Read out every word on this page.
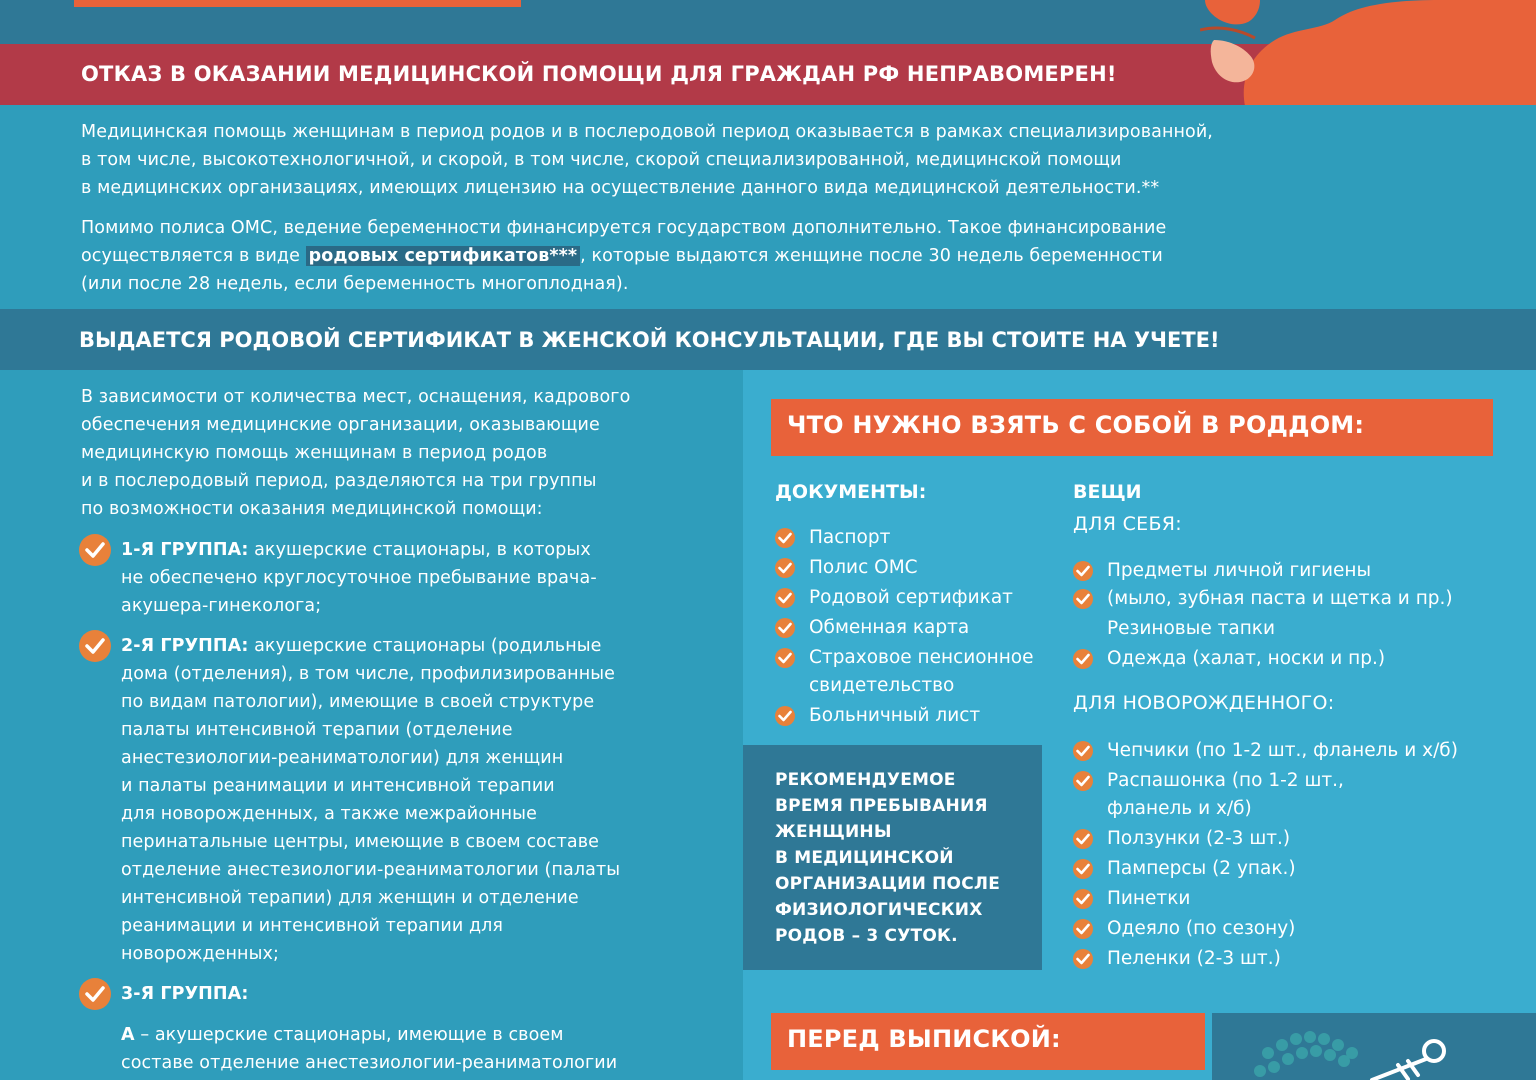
ОТКАЗ В ОКАЗАНИИ МЕДИЦИНСКОЙ ПОМОЩИ ДЛЯ ГРАЖДАН РФ НЕПРАВОМЕРЕН!
Медицинская помощь женщинам в период родов и в послеродовой период оказывается в рамках специализированной,
в том числе, высокотехнологичной, и скорой, в том числе, скорой специализированной, медицинской помощи
в медицинских организациях, имеющих лицензию на осуществление данного вида медицинской деятельности.**
Помимо полиса ОМС, ведение беременности финансируется государством дополнительно. Такое финансирование
осуществляется в виде родовых сертификатов*** , которые выдаются женщине после 30 недель беременности
(или после 28 недель, если беременность многоплодная).
ВЫДАЕТСЯ РОДОВОЙ СЕРТИФИКАТ В ЖЕНСКОЙ КОНСУЛЬТАЦИИ, ГДЕ ВЫ СТОИТЕ НА УЧЕТЕ!
В зависимости от количества мест, оснащения, кадрового
обеспечения медицинские организации, оказывающие
медицинскую помощь женщинам в период родов
и в послеродовый период, разделяются на три группы
по возможности оказания медицинской помощи:
1-Я ГРУППА: акушерские стационары, в которых
не обеспечено круглосуточное пребывание врача-
акушера-гинеколога;
2-Я ГРУППА: акушерские стационары (родильные
дома (отделения), в том числе, профилизированные
по видам патологии), имеющие в своей структуре
палаты интенсивной терапии (отделение
анестезиологии-реаниматологии) для женщин
и палаты реанимации и интенсивной терапии
для новорожденных, а также межрайонные
перинатальные центры, имеющие в своем составе
отделение анестезиологии-реаниматологии (палаты
интенсивной терапии) для женщин и отделение
реанимации и интенсивной терапии для
новорожденных;
3-Я ГРУППА:
А – акушерские стационары, имеющие в своем
составе отделение анестезиологии-реаниматологии
ЧТО НУЖНО ВЗЯТЬ С СОБОЙ В РОДДОМ:
ДОКУМЕНТЫ:
Паспорт
Полис ОМС
Родовой сертификат
Обменная карта
Страховое пенсионное
свидетельство
Больничный лист
ВЕЩИ
ДЛЯ СЕБЯ:
Предметы личной гигиены
(мыло, зубная паста и щетка и пр.)
Резиновые тапки
Одежда (халат, носки и пр.)
ДЛЯ НОВОРОЖДЕННОГО:
Чепчики (по 1-2 шт., фланель и х/б)
Распашонка (по 1-2 шт.,
фланель и х/б)
Ползунки (2-3 шт.)
Памперсы (2 упак.)
Пинетки
Одеяло (по сезону)
Пеленки (2-3 шт.)
РЕКОМЕНДУЕМОЕ
ВРЕМЯ ПРЕБЫВАНИЯ
ЖЕНЩИНЫ
В МЕДИЦИНСКОЙ
ОРГАНИЗАЦИИ ПОСЛЕ
ФИЗИОЛОГИЧЕСКИХ
РОДОВ – 3 СУТОК.
ПЕРЕД ВЫПИСКОЙ:
